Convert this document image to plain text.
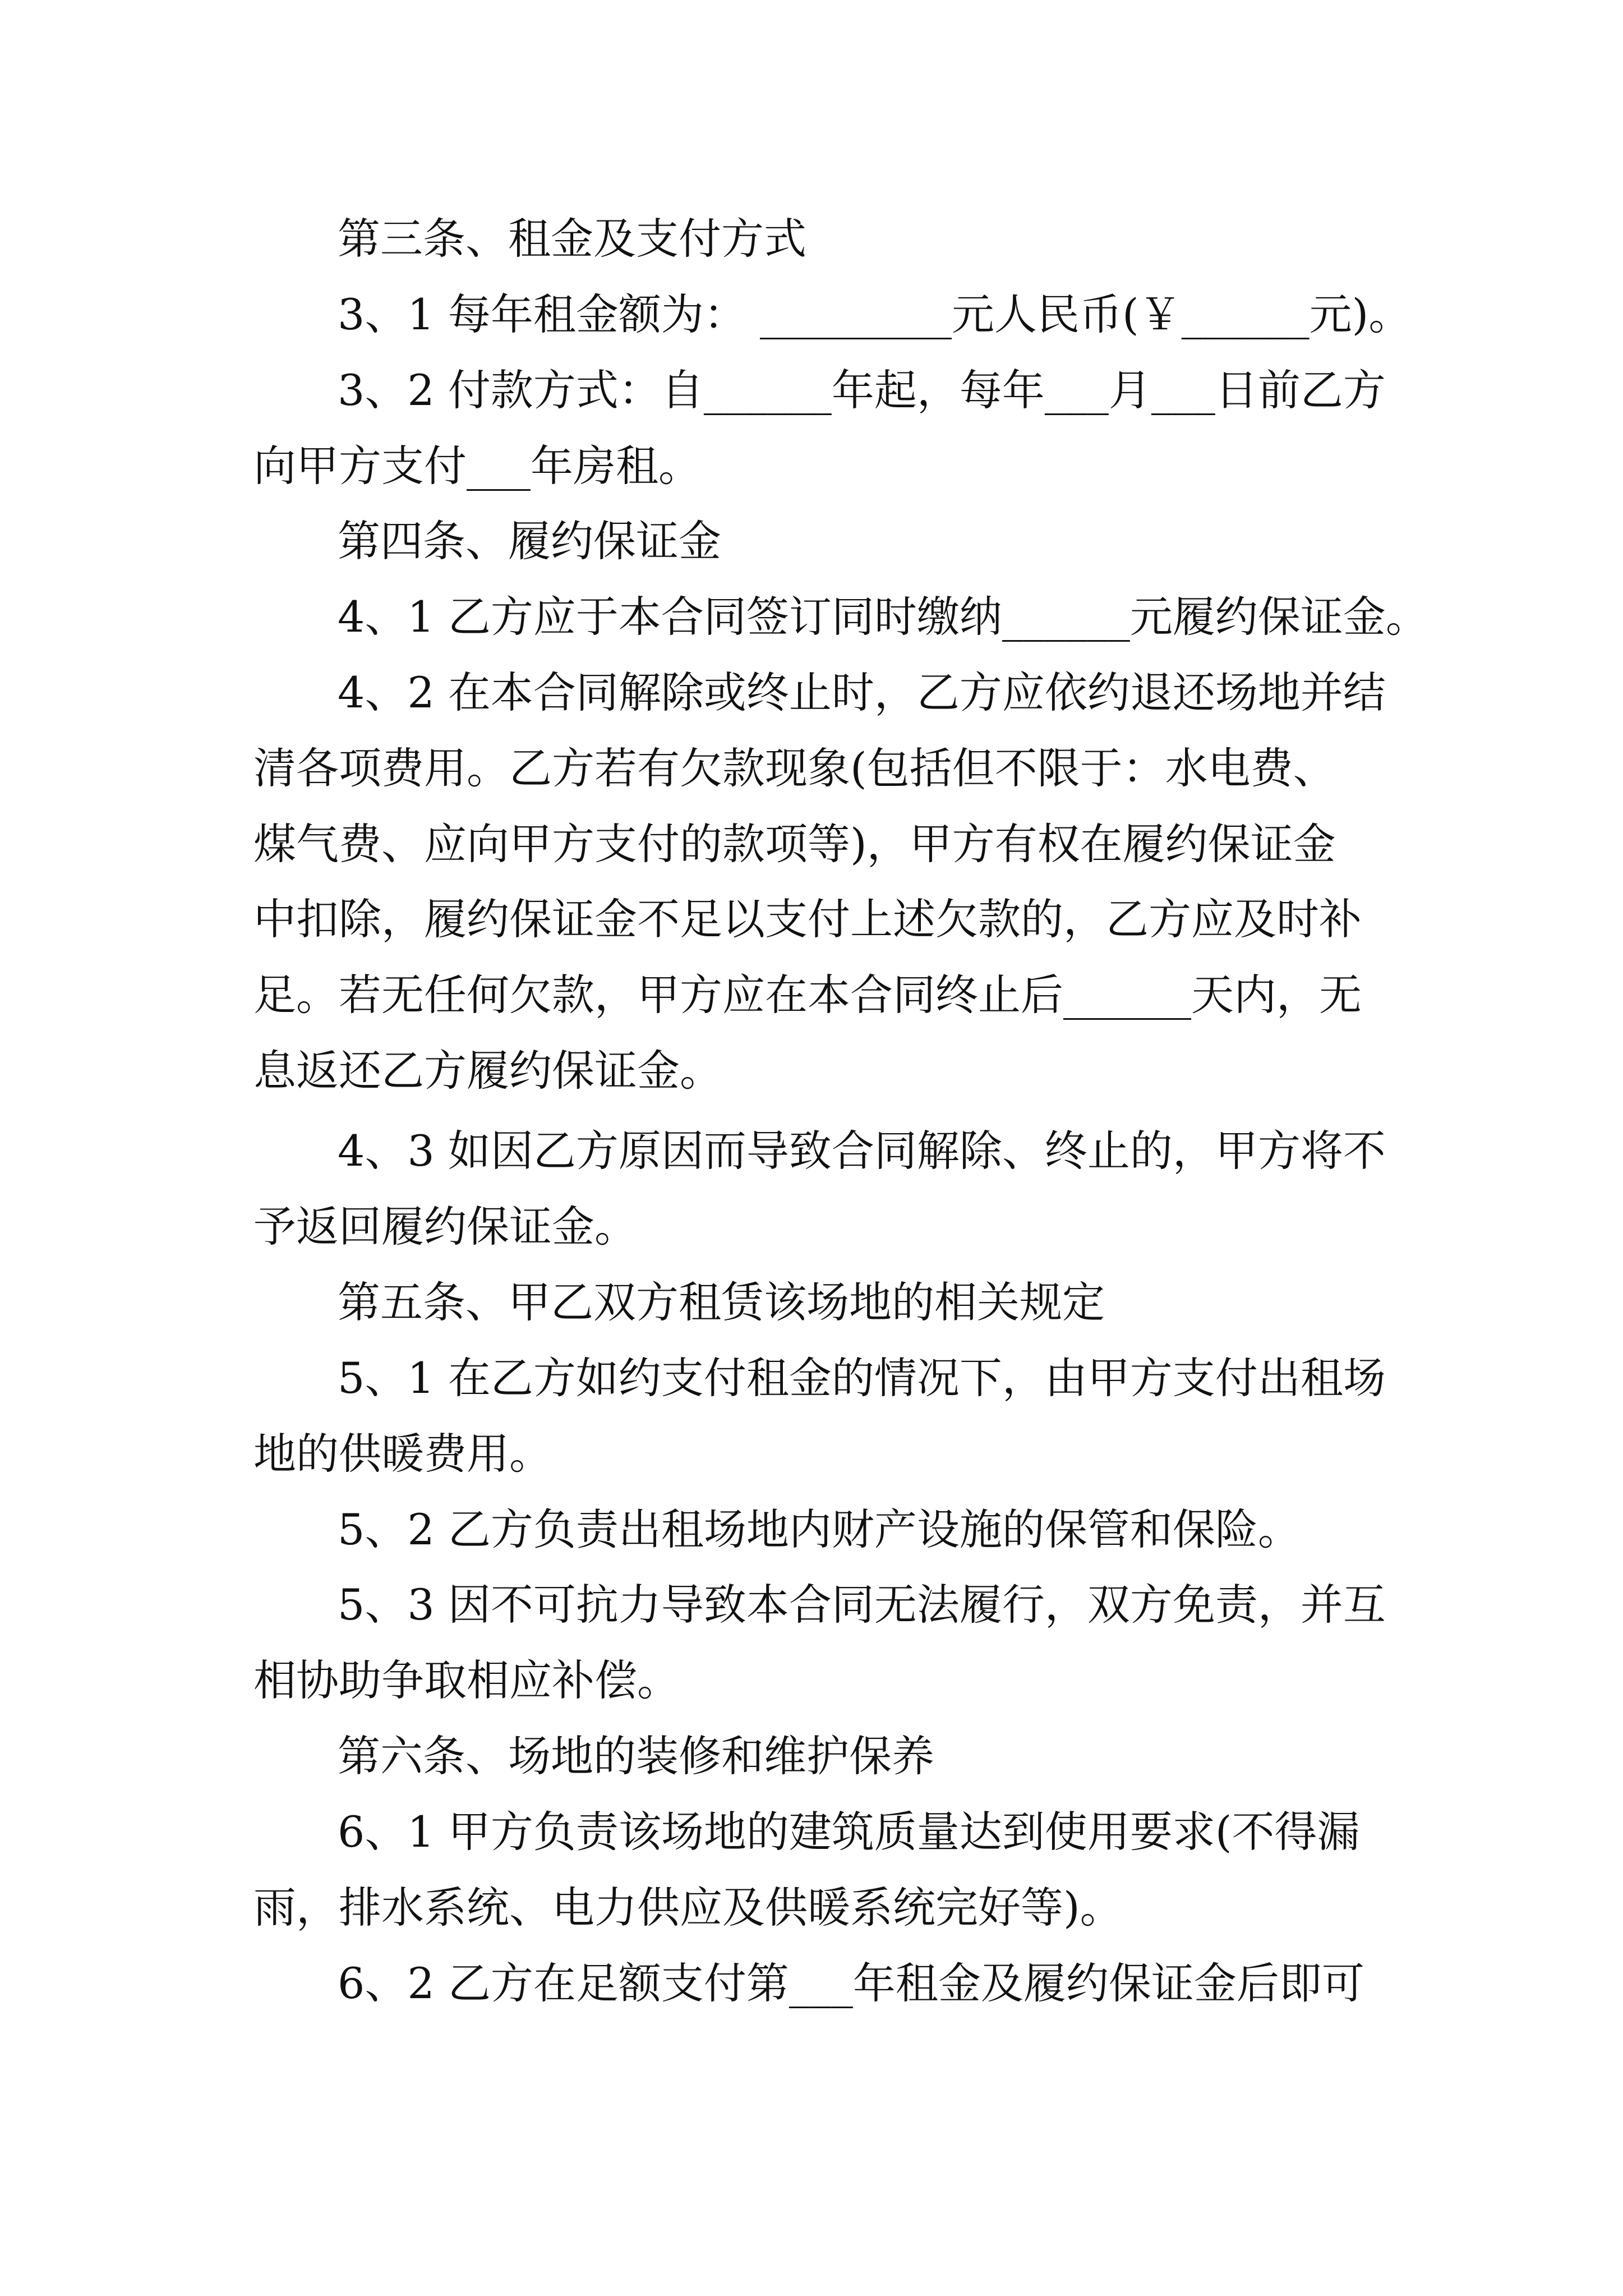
第三条、租金及支付方式

3、1 每年租金额为： _________元人民币(￥______元)。

3、2 付款方式：自______年起，每年___月___日前乙方

向甲方支付___年房租。

第四条、履约保证金

4、1 乙方应于本合同签订同时缴纳______元履约保证金。

4、2 在本合同解除或终止时，乙方应依约退还场地并结

清各项费用。乙方若有欠款现象(包括但不限于：水电费、

煤气费、应向甲方支付的款项等)，甲方有权在履约保证金

中扣除，履约保证金不足以支付上述欠款的，乙方应及时补

足。若无任何欠款，甲方应在本合同终止后______天内，无

息返还乙方履约保证金。

4、3 如因乙方原因而导致合同解除、终止的，甲方将不

予返回履约保证金。

第五条、甲乙双方租赁该场地的相关规定

5、1 在乙方如约支付租金的情况下，由甲方支付出租场

地的供暖费用。

5、2 乙方负责出租场地内财产设施的保管和保险。

5、3 因不可抗力导致本合同无法履行，双方免责，并互

相协助争取相应补偿。

第六条、场地的装修和维护保养

6、1 甲方负责该场地的建筑质量达到使用要求(不得漏

雨，排水系统、电力供应及供暖系统完好等)。

6、2 乙方在足额支付第___年租金及履约保证金后即可
